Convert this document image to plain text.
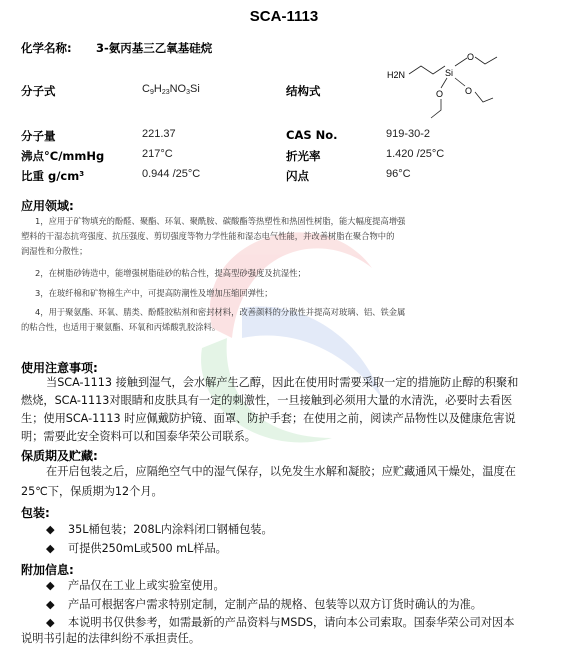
SCA-1113
化学名称: 3-氨丙基三乙氧基硅烷
分子式	$C_9H_{23}NO_3Si$	结构式
H2N	Si
O
O O
分子量	221.37	CAS No.	919-30-2
沸点°C/mmHg	217°C	折光率	1.420 /25°C
比重 $g/cm^3$	0.944 /25°C	闪点	96°C
应用领域:
1，应用于矿物填充的酚醛、聚酯、环氧、聚酰胺、碳酸酯等热塑性和热固性树脂，能大幅度提高增强
塑料的干湿态抗弯强度、抗压强度、剪切强度等物力学性能和湿态电气性能，并改善树脂在聚合物中的
润湿性和分散性；
2，在树脂砂铸造中，能增强树脂硅砂的粘合性，提高型砂强度及抗湿性；
3，在玻纤棉和矿物棉生产中，可提高防潮性及增加压缩回弹性；
4，用于聚氨酯、环氧、腈类、酚醛胶粘剂和密封材料，改善颜料的分散性并提高对玻璃、铝、铁金属
的粘合性，也适用于聚氨酯、环氧和丙烯酸乳胶涂料。
使用注意事项:
当SCA-1113 接触到湿气，会水解产生乙醇，因此在使用时需要采取一定的措施防止醇的积聚和
燃烧，SCA-1113对眼睛和皮肤具有一定的刺激性，一旦接触到必须用大量的水清洗，必要时去看医
生；使用SCA-1113 时应佩戴防护镜、面罩、防护手套；在使用之前，阅读产品物性以及健康危害说
明；需要此安全资料可以和国泰华荣公司联系。
保质期及贮藏:
在开启包装之后，应隔绝空气中的湿气保存，以免发生水解和凝胶；应贮藏通风干燥处，温度在
25℃下，保质期为12个月。
包装:
◆ 35L桶包装；208L内涂料闭口钢桶包装。
◆ 可提供250mL或500 mL样品。
附加信息:
◆ 产品仅在工业上或实验室使用。
◆ 产品可根据客户需求特别定制，定制产品的规格、包装等以双方订货时确认的为准。
◆ 本说明书仅供参考，如需最新的产品资料与MSDS，请向本公司索取。国泰华荣公司对因本
说明书引起的法律纠纷不承担责任。
